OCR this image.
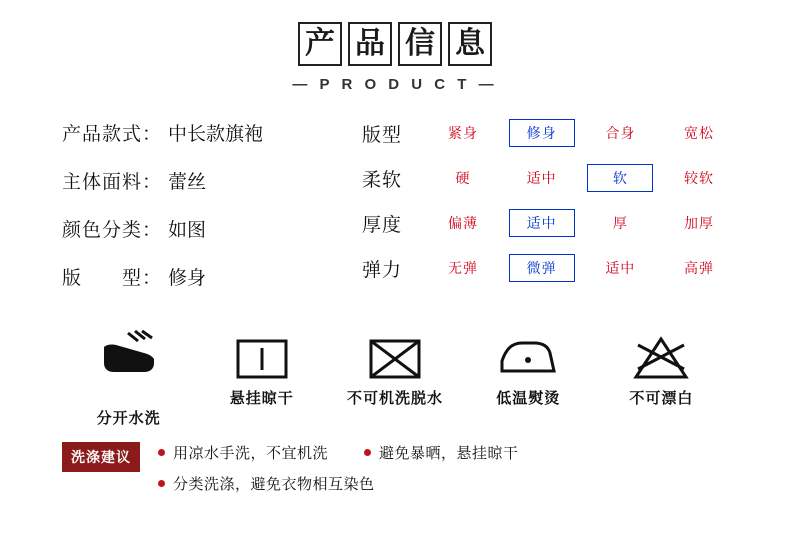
产 品 信 息
— P R O D U C T —
产品款式： 中长款旗袍
主体面料： 蕾丝
颜色分类： 如图
版　　型： 修身
版型	紧身	修身	合身	宽松
柔软	硬	适中	软	较软
厚度	偏薄	适中	厚	加厚
弹力	无弹	微弹	适中	高弹
分开水洗
悬挂晾干	不可机洗脱水	低温熨烫	不可漂白
洗涤建议	用凉水手洗，不宜机洗	避免暴晒，悬挂晾干
分类洗涤，避免衣物相互染色
